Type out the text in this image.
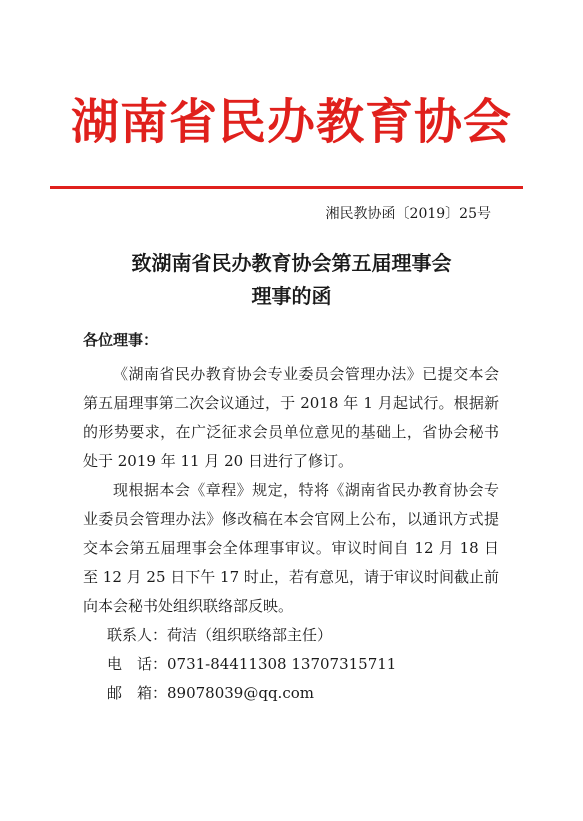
湖南省民办教育协会
湘民教协函〔2019〕25号
致湖南省民办教育协会第五届理事会
理事的函
各位理事：

《湖南省民办教育协会专业委员会管理办法》已提交本会第五届理事第二次会议通过，于 2018 年 1 月起试行。根据新的形势要求，在广泛征求会员单位意见的基础上，省协会秘书处于 2019 年 11 月 20 日进行了修订。

现根据本会《章程》规定，特将《湖南省民办教育协会专业委员会管理办法》修改稿在本会官网上公布，以通讯方式提交本会第五届理事会全体理事审议。审议时间自 12 月 18 日至 12 月 25 日下午 17 时止，若有意见，请于审议时间截止前向本会秘书处组织联络部反映。

联系人：荷洁（组织联络部主任）

电　话：0731-84411308 13707315711

邮　箱：89078039@qq.com
